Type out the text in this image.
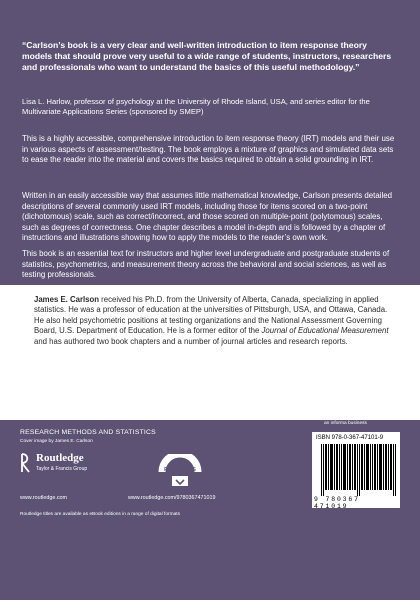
“Carlson’s book is a very clear and well-written introduction to item response theory models that should prove very useful to a wide range of students, instructors, researchers and professionals who want to understand the basics of this useful methodology.”
Lisa L. Harlow, professor of psychology at the University of Rhode Island, USA, and series editor for the Multivariate Applications Series (sponsored by SMEP)
This is a highly accessible, comprehensive introduction to item response theory (IRT) models and their use in various aspects of assessment/testing. The book employs a mixture of graphics and simulated data sets to ease the reader into the material and covers the basics required to obtain a solid grounding in IRT.
Written in an easily accessible way that assumes little mathematical knowledge, Carlson presents detailed descriptions of several commonly used IRT models, including those for items scored on a two-point (dichotomous) scale, such as correct/incorrect, and those scored on multiple-point (polytomous) scales, such as degrees of correctness. One chapter describes a model in-depth and is followed by a chapter of instructions and illustrations showing how to apply the models to the reader’s own work.
This book is an essential text for instructors and higher level undergraduate and postgraduate students of statistics, psychometrics, and measurement theory across the behavioral and social sciences, as well as testing professionals.
James E. Carlson received his Ph.D. from the University of Alberta, Canada, specializing in applied statistics. He was a professor of education at the universities of Pittsburgh, USA, and Ottawa, Canada. He also held psychometric positions at testing organizations and the National Assessment Governing Board, U.S. Department of Education. He is a former editor of the Journal of Educational Measurement and has authored two book chapters and a number of journal articles and research reports.
RESEARCH METHODS AND STATISTICS
Cover image by James E. Carlson
Routledge
Taylor & Francis Group
www.routledge.com
RESOURCES
www.routledge.com/9780367471019
an informa business
ISBN 978-0-367-47101-9
9 780367 471019
Routledge titles are available as eBook editions in a range of digital formats
